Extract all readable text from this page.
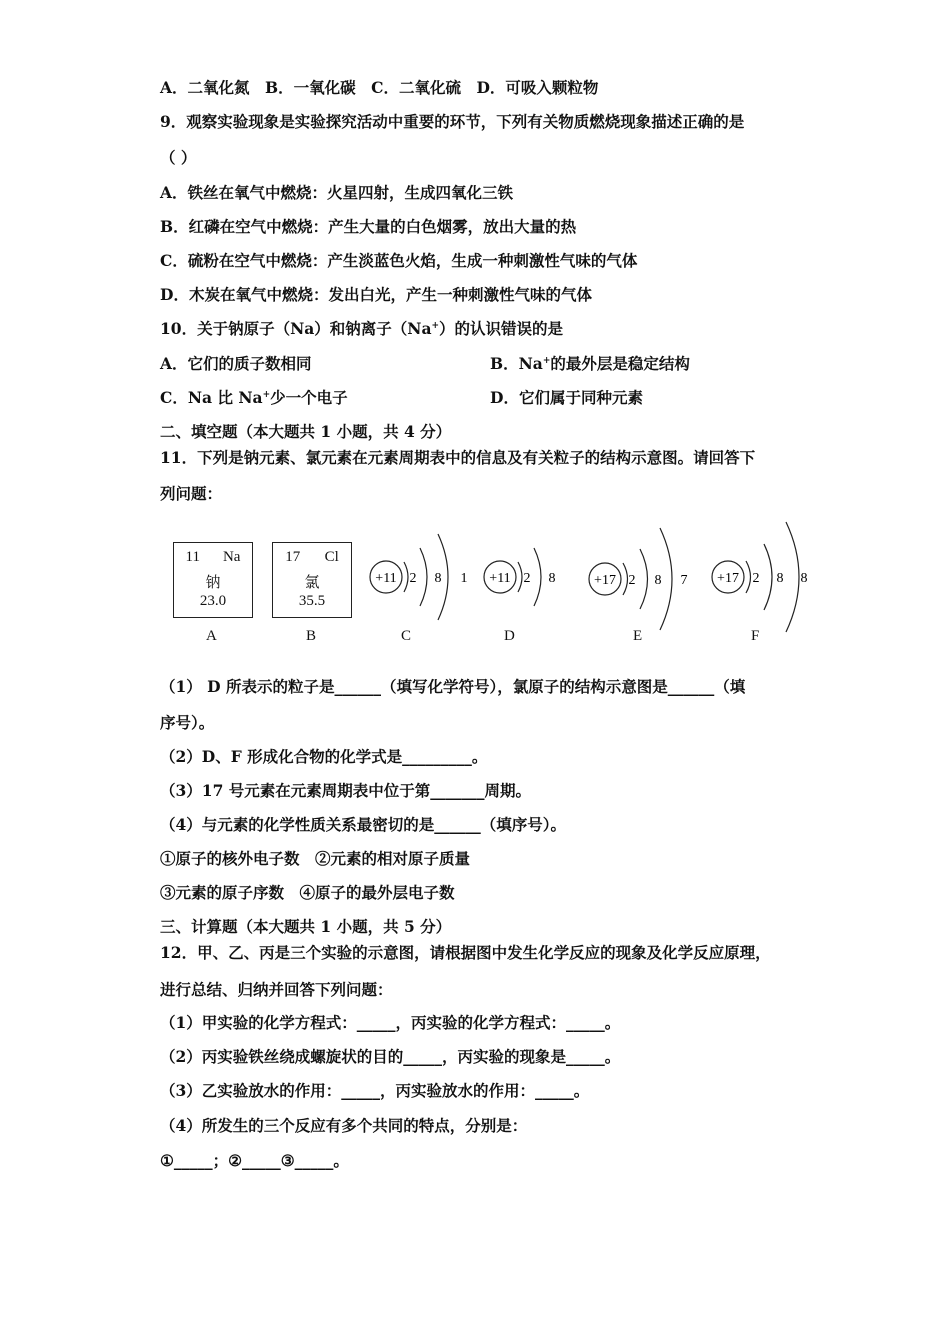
A．二氧化氮　B．一氧化碳　C．二氧化硫　D．可吸入颗粒物
9．观察实验现象是实验探究活动中重要的环节，下列有关物质燃烧现象描述正确的是
（ ）
A．铁丝在氧气中燃烧：火星四射，生成四氧化三铁
B．红磷在空气中燃烧：产生大量的白色烟雾，放出大量的热
C．硫粉在空气中燃烧：产生淡蓝色火焰，生成一种刺激性气味的气体
D．木炭在氧气中燃烧：发出白光，产生一种刺激性气味的气体
10．关于钠原子（Na）和钠离子（Na+）的认识错误的是
A．它们的质子数相同	B．Na+的最外层是稳定结构
C．Na 比 Na+少一个电子	D．它们属于同种元素
二、填空题（本大题共 1 小题，共 4 分）
11．下列是钠元素、氯元素在元素周期表中的信息及有关粒子的结构示意图。请回答下
列问题：
11 Na
钠
23.0
17 Cl
氯
35.5
+11 2 8 1 +11 2 8	+17 2 8 7 +17 2 8 8
A	B	C	D	E	F
（1） D 所表示的粒子是______（填写化学符号），氯原子的结构示意图是______（填
序号）。
（2）D、F 形成化合物的化学式是_________。
（3）17 号元素在元素周期表中位于第_______周期。
（4）与元素的化学性质关系最密切的是______（填序号）。
①原子的核外电子数　②元素的相对原子质量
③元素的原子序数　④原子的最外层电子数
三、计算题（本大题共 1 小题，共 5 分）
12．甲、乙、丙是三个实验的示意图，请根据图中发生化学反应的现象及化学反应原理，
进行总结、归纳并回答下列问题：
（1）甲实验的化学方程式：_____，丙实验的化学方程式：_____。
（2）丙实验铁丝绕成螺旋状的目的_____，丙实验的现象是_____。
（3）乙实验放水的作用：_____，丙实验放水的作用：_____。
（4）所发生的三个反应有多个共同的特点，分别是：
①_____；②_____③_____。
